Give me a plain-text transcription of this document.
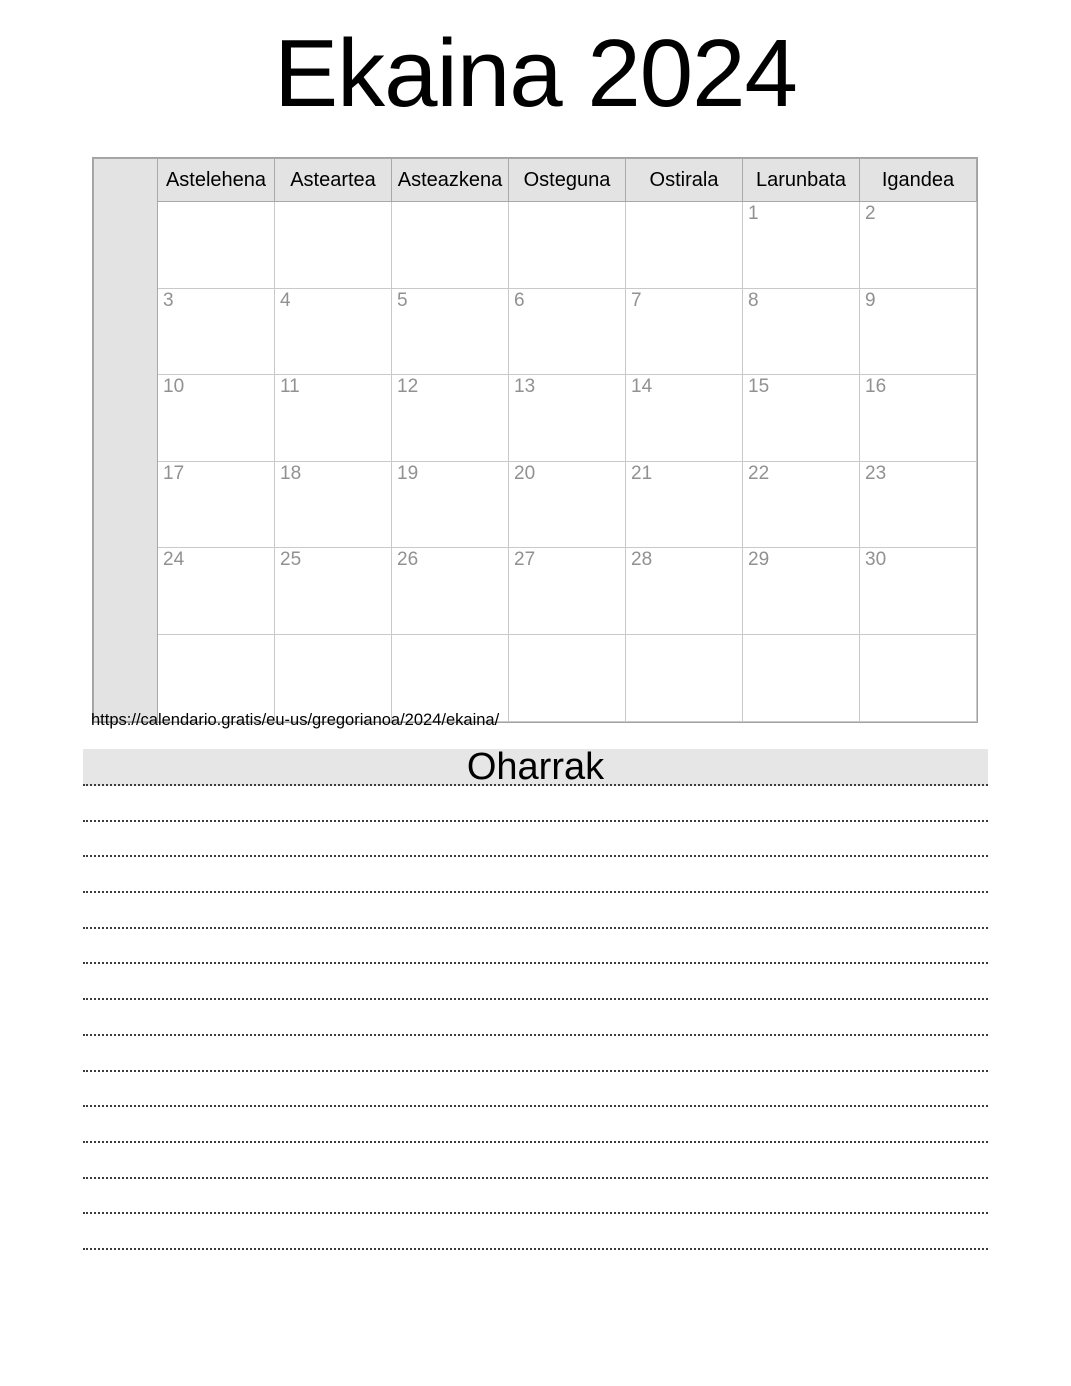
Ekaina 2024
	Astelehena	Asteartea	Asteazkena	Osteguna	Ostirala	Larunbata	Igandea
						1	2
	3	4	5	6	7	8	9
	10	11	12	13	14	15	16
	17	18	19	20	21	22	23
	24	25	26	27	28	29	30

https://calendario.gratis/eu-us/gregorianoa/2024/ekaina/
Oharrak
